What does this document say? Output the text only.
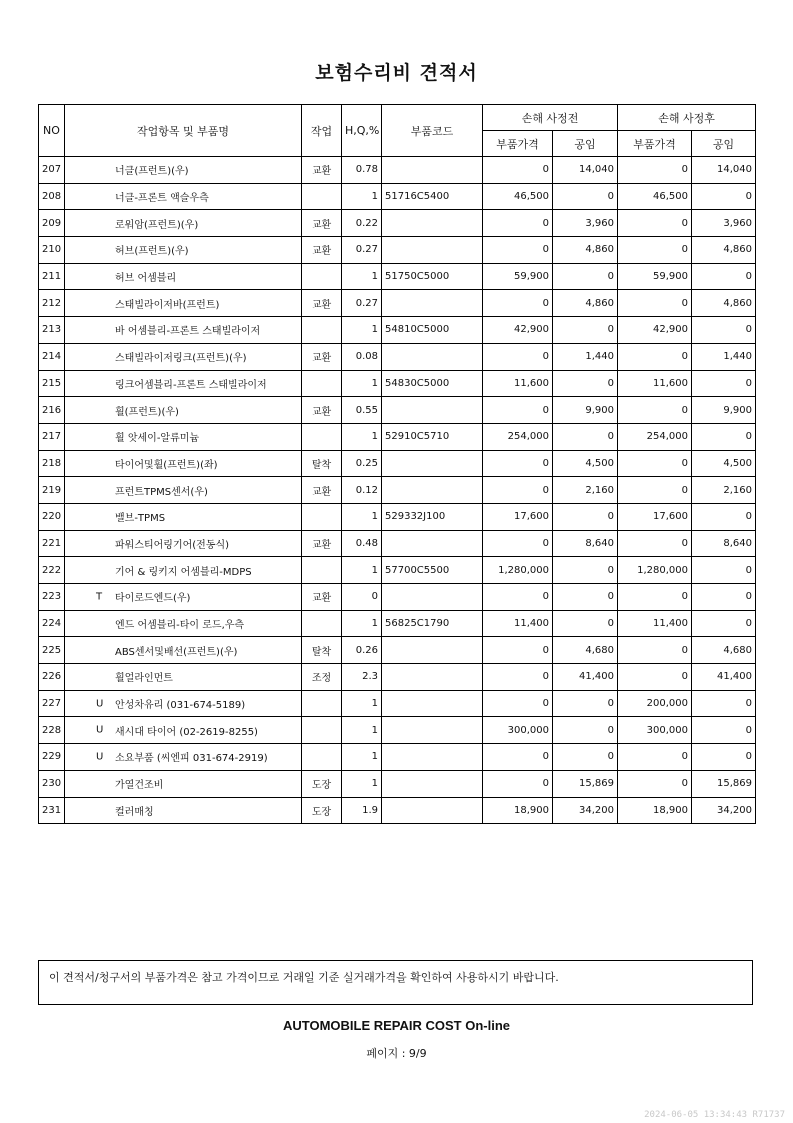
보험수리비 견적서
NO	작업항목 및 부품명	작업	H,Q,%	부품코드	손해 사정전		손해 사정후	
					부품가격	공임	부품가격	공임
207	너클(프런트)(우)	교환	0.78		0	14,040	0	14,040
208	너클-프론트 액슬우측		1	51716C5400	46,500	0	46,500	0
209	로워암(프런트)(우)	교환	0.22		0	3,960	0	3,960
210	허브(프런트)(우)	교환	0.27		0	4,860	0	4,860
211	허브 어셈블리		1	51750C5000	59,900	0	59,900	0
212	스태빌라이저바(프런트)	교환	0.27		0	4,860	0	4,860
213	바 어셈블리-프론트 스태빌라이저		1	54810C5000	42,900	0	42,900	0
214	스태빌라이저링크(프런트)(우)	교환	0.08		0	1,440	0	1,440
215	링크어셈블리-프론트 스태빌라이저		1	54830C5000	11,600	0	11,600	0
216	휠(프런트)(우)	교환	0.55		0	9,900	0	9,900
217	휠 앗세이-알류미늄		1	52910C5710	254,000	0	254,000	0
218	타이어및휠(프런트)(좌)	탈착	0.25		0	4,500	0	4,500
219	프런트TPMS센서(우)	교환	0.12		0	2,160	0	2,160
220	밸브-TPMS		1	529332J100	17,600	0	17,600	0
221	파워스티어링기어(전동식)	교환	0.48		0	8,640	0	8,640
222	기어 & 링키지 어셈블리-MDPS		1	57700C5500	1,280,000	0	1,280,000	0
223	T 타이로드엔드(우)	교환	0		0	0	0	0
224	엔드 어셈블리-타이 로드,우측		1	56825C1790	11,400	0	11,400	0
225	ABS센서및배선(프런트)(우)	탈착	0.26		0	4,680	0	4,680
226	휠얼라인먼트	조정	2.3		0	41,400	0	41,400
227	U 안성차유리 (031-674-5189)		1		0	0	200,000	0
228	U 새시대 타이어 (02-2619-8255)		1		300,000	0	300,000	0
229	U 소요부품 (씨엔피 031-674-2919)		1		0	0	0	0
230	가열건조비	도장	1		0	15,869	0	15,869
231	컬러매칭	도장	1.9		18,900	34,200	18,900	34,200
이 견적서/청구서의 부품가격은 참고 가격이므로 거래일 기준 실거래가격을 확인하여 사용하시기 바랍니다.
AUTOMOBILE REPAIR COST On-line
페이지 : 9/9
2024-06-05 13:34:43 R71737
